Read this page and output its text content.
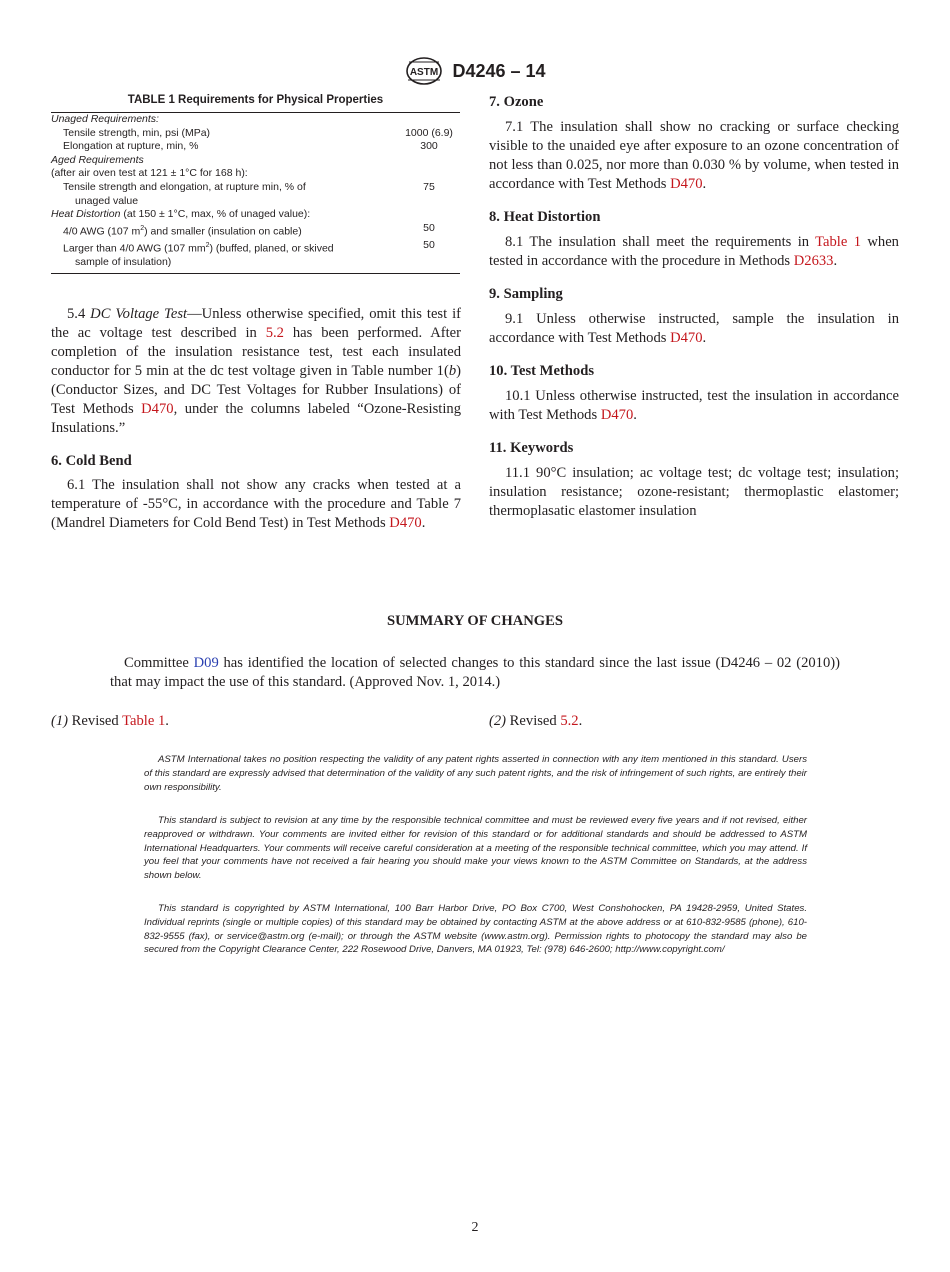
ASTM D4246 – 14
TABLE 1 Requirements for Physical Properties
Unaged Requirements:	
Tensile strength, min, psi (MPa)	1000 (6.9)
Elongation at rupture, min, %	300
Aged Requirements	
(after air oven test at 121 ± 1°C for 168 h):	
Tensile strength and elongation, at rupture min, % of	75
unaged value	
Heat Distortion (at 150 ± 1°C, max, % of unaged value):	
4/0 AWG (107 $m^2$) and smaller (insulation on cable)	50
Larger than 4/0 AWG (107 $mm^2$) (buffed, planed, or skived	50
sample of insulation)	

5.4 DC Voltage Test—Unless otherwise specified, omit this test if the ac voltage test described in 5.2 has been performed. After completion of the insulation resistance test, test each insulated conductor for 5 min at the dc test voltage given in Table number 1(b) (Conductor Sizes, and DC Test Voltages for Rubber Insulations) of Test Methods D470, under the columns labeled “Ozone-Resisting Insulations.”

6. Cold Bend

6.1 The insulation shall not show any cracks when tested at a temperature of -55°C, in accordance with the procedure and Table 7 (Mandrel Diameters for Cold Bend Test) in Test Methods D470.

7. Ozone

7.1 The insulation shall show no cracking or surface checking visible to the unaided eye after exposure to an ozone concentration of not less than 0.025, nor more than 0.030 % by volume, when tested in accordance with Test Methods D470.

8. Heat Distortion

8.1 The insulation shall meet the requirements in Table 1 when tested in accordance with the procedure in Methods D2633.

9. Sampling

9.1 Unless otherwise instructed, sample the insulation in accordance with Test Methods D470.

10. Test Methods

10.1 Unless otherwise instructed, test the insulation in accordance with Test Methods D470.

11. Keywords

11.1 90°C insulation; ac voltage test; dc voltage test; insulation; insulation resistance; ozone-resistant; thermoplastic elastomer; thermoplasatic elastomer insulation

SUMMARY OF CHANGES
Committee D09 has identified the location of selected changes to this standard since the last issue (D4246 – 02 (2010)) that may impact the use of this standard. (Approved Nov. 1, 2014.)
(1) Revised Table 1.	(2) Revised 5.2.
ASTM International takes no position respecting the validity of any patent rights asserted in connection with any item mentioned in this standard. Users of this standard are expressly advised that determination of the validity of any such patent rights, and the risk of infringement of such rights, are entirely their own responsibility.
This standard is subject to revision at any time by the responsible technical committee and must be reviewed every five years and if not revised, either reapproved or withdrawn. Your comments are invited either for revision of this standard or for additional standards and should be addressed to ASTM International Headquarters. Your comments will receive careful consideration at a meeting of the responsible technical committee, which you may attend. If you feel that your comments have not received a fair hearing you should make your views known to the ASTM Committee on Standards, at the address shown below.
This standard is copyrighted by ASTM International, 100 Barr Harbor Drive, PO Box C700, West Conshohocken, PA 19428-2959, United States. Individual reprints (single or multiple copies) of this standard may be obtained by contacting ASTM at the above address or at 610-832-9585 (phone), 610-832-9555 (fax), or service@astm.org (e-mail); or through the ASTM website (www.astm.org). Permission rights to photocopy the standard may also be secured from the Copyright Clearance Center, 222 Rosewood Drive, Danvers, MA 01923, Tel: (978) 646-2600; http://www.copyright.com/
2
